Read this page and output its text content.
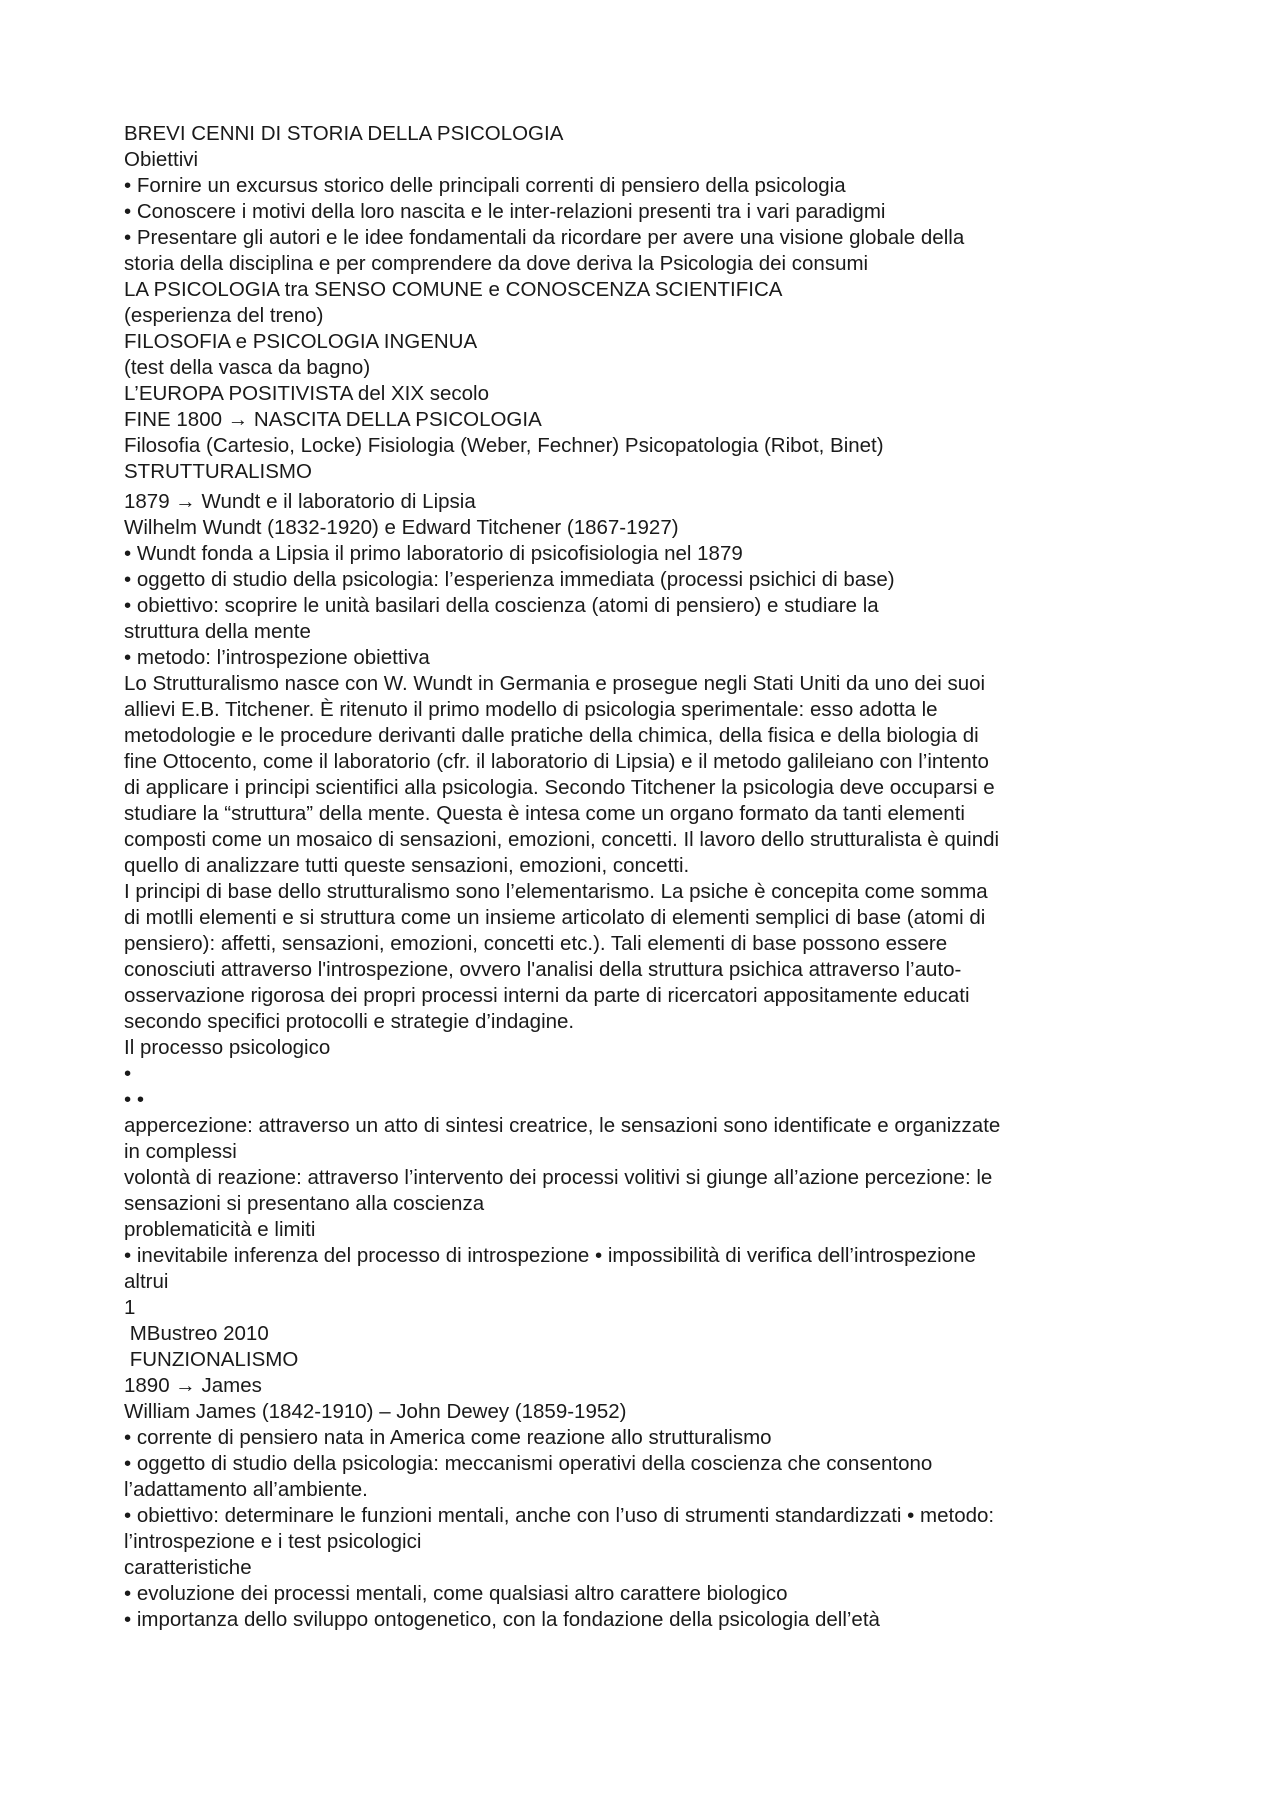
BREVI CENNI DI STORIA DELLA PSICOLOGIA
Obiettivi
• Fornire un excursus storico delle principali correnti di pensiero della psicologia
• Conoscere i motivi della loro nascita e le inter-relazioni presenti tra i vari paradigmi
• Presentare gli autori e le idee fondamentali da ricordare per avere una visione globale della
storia della disciplina e per comprendere da dove deriva la Psicologia dei consumi
LA PSICOLOGIA tra SENSO COMUNE e CONOSCENZA SCIENTIFICA
(esperienza del treno)
FILOSOFIA e PSICOLOGIA INGENUA
(test della vasca da bagno)
L’EUROPA POSITIVISTA del XIX secolo
FINE 1800 → NASCITA DELLA PSICOLOGIA
Filosofia (Cartesio, Locke) Fisiologia (Weber, Fechner) Psicopatologia (Ribot, Binet)
STRUTTURALISMO
1879 → Wundt e il laboratorio di Lipsia
Wilhelm Wundt (1832-1920) e Edward Titchener (1867-1927)
• Wundt fonda a Lipsia il primo laboratorio di psicofisiologia nel 1879
• oggetto di studio della psicologia: l’esperienza immediata (processi psichici di base)
• obiettivo: scoprire le unità basilari della coscienza (atomi di pensiero) e studiare la
struttura della mente
• metodo: l’introspezione obiettiva
Lo Strutturalismo nasce con W. Wundt in Germania e prosegue negli Stati Uniti da uno dei suoi
allievi E.B. Titchener. È ritenuto il primo modello di psicologia sperimentale: esso adotta le
metodologie e le procedure derivanti dalle pratiche della chimica, della fisica e della biologia di
fine Ottocento, come il laboratorio (cfr. il laboratorio di Lipsia) e il metodo galileiano con l’intento
di applicare i principi scientifici alla psicologia. Secondo Titchener la psicologia deve occuparsi e
studiare la “struttura” della mente. Questa è intesa come un organo formato da tanti elementi
composti come un mosaico di sensazioni, emozioni, concetti. Il lavoro dello strutturalista è quindi
quello di analizzare tutti queste sensazioni, emozioni, concetti.
I principi di base dello strutturalismo sono l’elementarismo. La psiche è concepita come somma
di motlli elementi e si struttura come un insieme articolato di elementi semplici di base (atomi di
pensiero): affetti, sensazioni, emozioni, concetti etc.). Tali elementi di base possono essere
conosciuti attraverso l'introspezione, ovvero l'analisi della struttura psichica attraverso l’auto-
osservazione rigorosa dei propri processi interni da parte di ricercatori appositamente educati
secondo specifici protocolli e strategie d’indagine.
Il processo psicologico
•
• •
appercezione: attraverso un atto di sintesi creatrice, le sensazioni sono identificate e organizzate
in complessi
volontà di reazione: attraverso l’intervento dei processi volitivi si giunge all’azione percezione: le
sensazioni si presentano alla coscienza
problematicità e limiti
• inevitabile inferenza del processo di introspezione • impossibilità di verifica dell’introspezione
altrui
1
MBustreo 2010
FUNZIONALISMO
1890 → James
William James (1842-1910) – John Dewey (1859-1952)
• corrente di pensiero nata in America come reazione allo strutturalismo
• oggetto di studio della psicologia: meccanismi operativi della coscienza che consentono
l’adattamento all’ambiente.
• obiettivo: determinare le funzioni mentali, anche con l’uso di strumenti standardizzati • metodo:
l’introspezione e i test psicologici
caratteristiche
• evoluzione dei processi mentali, come qualsiasi altro carattere biologico
• importanza dello sviluppo ontogenetico, con la fondazione della psicologia dell’età
